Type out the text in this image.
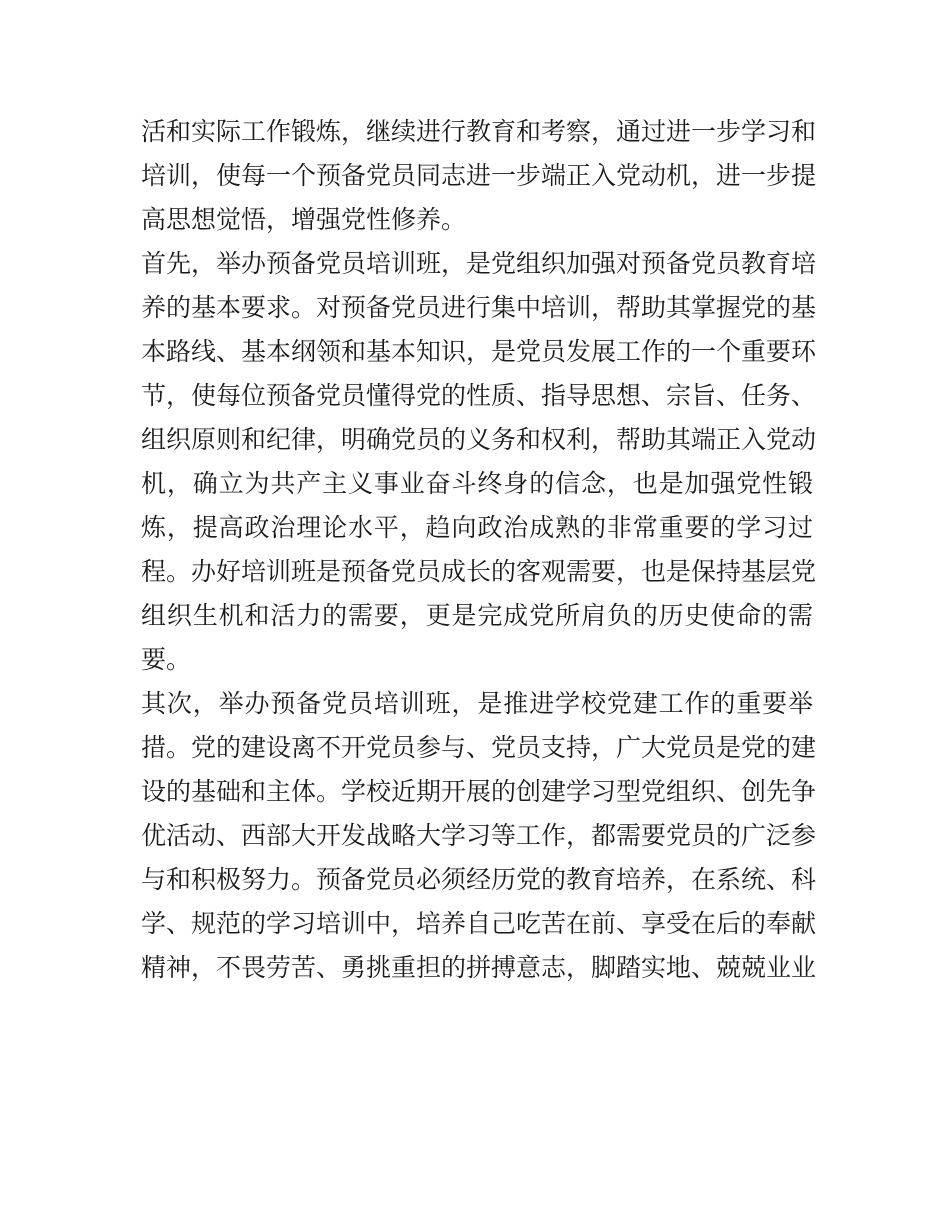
活和实际工作锻炼，继续进行教育和考察，通过进一步学习和
培训，使每一个预备党员同志进一步端正入党动机，进一步提
高思想觉悟，增强党性修养。
首先，举办预备党员培训班，是党组织加强对预备党员教育培
养的基本要求。对预备党员进行集中培训，帮助其掌握党的基
本路线、基本纲领和基本知识，是党员发展工作的一个重要环
节，使每位预备党员懂得党的性质、指导思想、宗旨、任务、
组织原则和纪律，明确党员的义务和权利，帮助其端正入党动
机，确立为共产主义事业奋斗终身的信念，也是加强党性锻
炼，提高政治理论水平，趋向政治成熟的非常重要的学习过
程。办好培训班是预备党员成长的客观需要，也是保持基层党
组织生机和活力的需要，更是完成党所肩负的历史使命的需
要。
其次，举办预备党员培训班，是推进学校党建工作的重要举
措。党的建设离不开党员参与、党员支持，广大党员是党的建
设的基础和主体。学校近期开展的创建学习型党组织、创先争
优活动、西部大开发战略大学习等工作，都需要党员的广泛参
与和积极努力。预备党员必须经历党的教育培养，在系统、科
学、规范的学习培训中，培养自己吃苦在前、享受在后的奉献
精神，不畏劳苦、勇挑重担的拼搏意志，脚踏实地、兢兢业业
